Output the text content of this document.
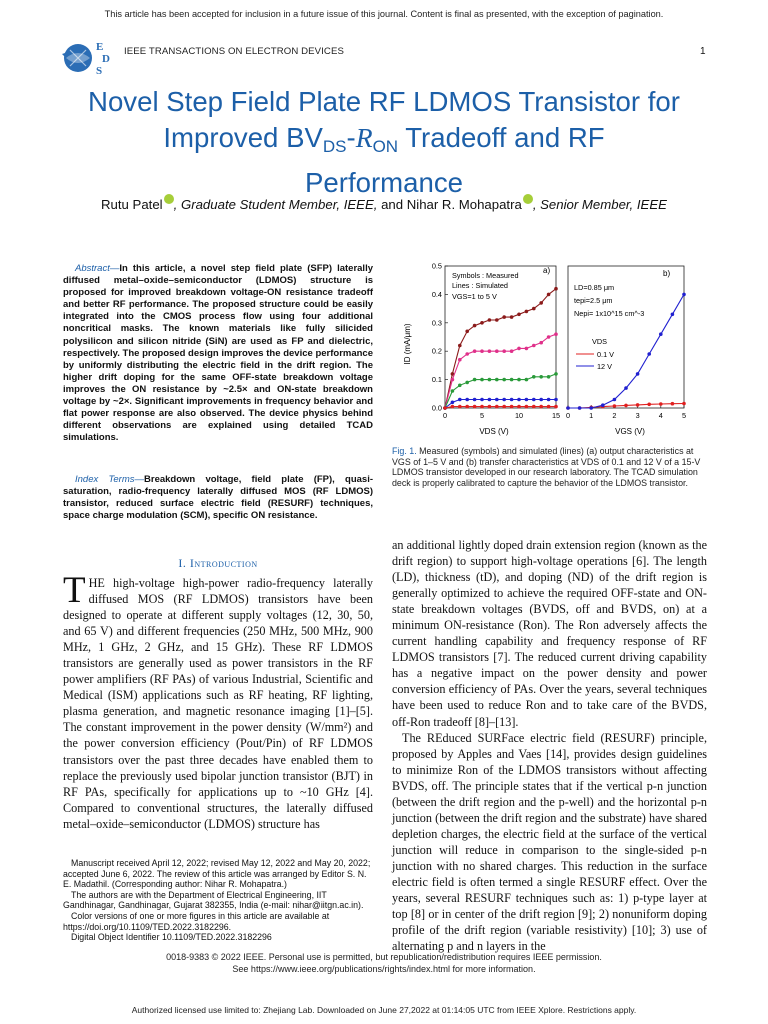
This article has been accepted for inclusion in a future issue of this journal. Content is final as presented, with the exception of pagination.
E
D
S
IEEE TRANSACTIONS ON ELECTRON DEVICES	1
Novel Step Field Plate RF LDMOS Transistor for
Improved $BV_{DS}-R_{ON}$ Tradeoff and RF
Performance
Rutu Patel , Graduate Student Member, IEEE, and Nihar R. Mohapatra , Senior Member, IEEE
Abstract—In this article, a novel step field plate (SFP) laterally diffused metal–oxide–semiconductor (LDMOS) structure is proposed for improved breakdown voltage-ON resistance tradeoff and better RF performance. The proposed structure could be easily integrated into the CMOS process flow using four additional noncritical masks. The known materials like fully silicided polysilicon and silicon nitride (SiN) are used as FP and dielectric, respectively. The proposed design improves the device performance by uniformly distributing the electric field in the drift region. The higher drift doping for the same OFF-state breakdown voltage improves the ON resistance by ~2.5× and ON-state breakdown voltage by ~2×. Significant improvements in frequency behavior and flat power response are also observed. The device physics behind different observations are explained using detailed TCAD simulations.
Index Terms—Breakdown voltage, field plate (FP), quasi-saturation, radio-frequency laterally diffused MOS (RF LDMOS) transistor, reduced surface electric field (RESURF) techniques, space charge modulation (SCM), specific ON resistance.
0.5
0.4
0.3
0.2
0.1
0.0
0	5	10	15 0	1	2	3	4	5
a)
Symbols : Measured
Lines : Simulated
VGS=1 to 5 V
b)
LD=0.85 μm
tepi=2.5 μm
Nepi= 1x10^15 cm^-3
VDS
0.1 V
12 V
ID (mA/μm)
VDS (V)	VGS (V)
Fig. 1. Measured (symbols) and simulated (lines) (a) output characteristics at VGS of 1–5 V and (b) transfer characteristics at VDS of 0.1 and 12 V of a 15-V LDMOS transistor developed in our research laboratory. The TCAD simulation deck is properly calibrated to capture the behavior of the LDMOS transistor.
I. Introduction
THE high-voltage high-power radio-frequency laterally diffused MOS (RF LDMOS) transistors have been designed to operate at different supply voltages (12, 30, 50, and 65 V) and different frequencies (250 MHz, 500 MHz, 900 MHz, 1 GHz, 2 GHz, and 15 GHz). These RF LDMOS transistors are generally used as power transistors in the RF power amplifiers (RF PAs) of various Industrial, Scientific and Medical (ISM) applications such as RF heating, RF lighting, plasma generation, and magnetic resonance imaging [1]–[5]. The constant improvement in the power density (W/mm²) and the power conversion efficiency (Pout/Pin) of RF LDMOS transistors over the past three decades have enabled them to replace the previously used bipolar junction transistor (BJT) in RF PAs, specifically for applications up to ~10 GHz [4]. Compared to conventional structures, the laterally diffused metal–oxide–semiconductor (LDMOS) structure has

Manuscript received April 12, 2022; revised May 12, 2022 and May 20, 2022; accepted June 6, 2022. The review of this article was arranged by Editor S. N. E. Madathil. (Corresponding author: Nihar R. Mohapatra.)

The authors are with the Department of Electrical Engineering, IIT Gandhinagar, Gandhinagar, Gujarat 382355, India (e-mail: nihar@iitgn.ac.in).

Color versions of one or more figures in this article are available at https://doi.org/10.1109/TED.2022.3182296.

Digital Object Identifier 10.1109/TED.2022.3182296

an additional lightly doped drain extension region (known as the drift region) to support high-voltage operations [6]. The length (LD), thickness (tD), and doping (ND) of the drift region is generally optimized to achieve the required OFF-state and ON-state breakdown voltages (BVDS, off and BVDS, on) at a minimum ON-resistance (Ron). The Ron adversely affects the current handling capability and frequency response of RF LDMOS transistors [7]. The reduced current driving capability has a negative impact on the power density and power conversion efficiency of PAs. Over the years, several techniques have been used to reduce Ron and to take care of the BVDS, off-Ron tradeoff [8]–[13].

The REduced SURFace electric field (RESURF) principle, proposed by Apples and Vaes [14], provides design guidelines to minimize Ron of the LDMOS transistors without affecting BVDS, off. The principle states that if the vertical p-n junction (between the drift region and the p-well) and the horizontal p-n junction (between the drift region and the substrate) have shared depletion charges, the electric field at the surface of the vertical junction will reduce in comparison to the single-sided p-n junction with no shared charges. This reduction in the surface electric field is often termed a single RESURF effect. Over the years, several RESURF techniques such as: 1) p-type layer at top [8] or in center of the drift region [9]; 2) nonuniform doping profile of the drift region (variable resistivity) [10]; 3) use of alternating p and n layers in the

0018-9383 © 2022 IEEE. Personal use is permitted, but republication/redistribution requires IEEE permission.
See https://www.ieee.org/publications/rights/index.html for more information.
Authorized licensed use limited to: Zhejiang Lab. Downloaded on June 27,2022 at 01:14:05 UTC from IEEE Xplore. Restrictions apply.
